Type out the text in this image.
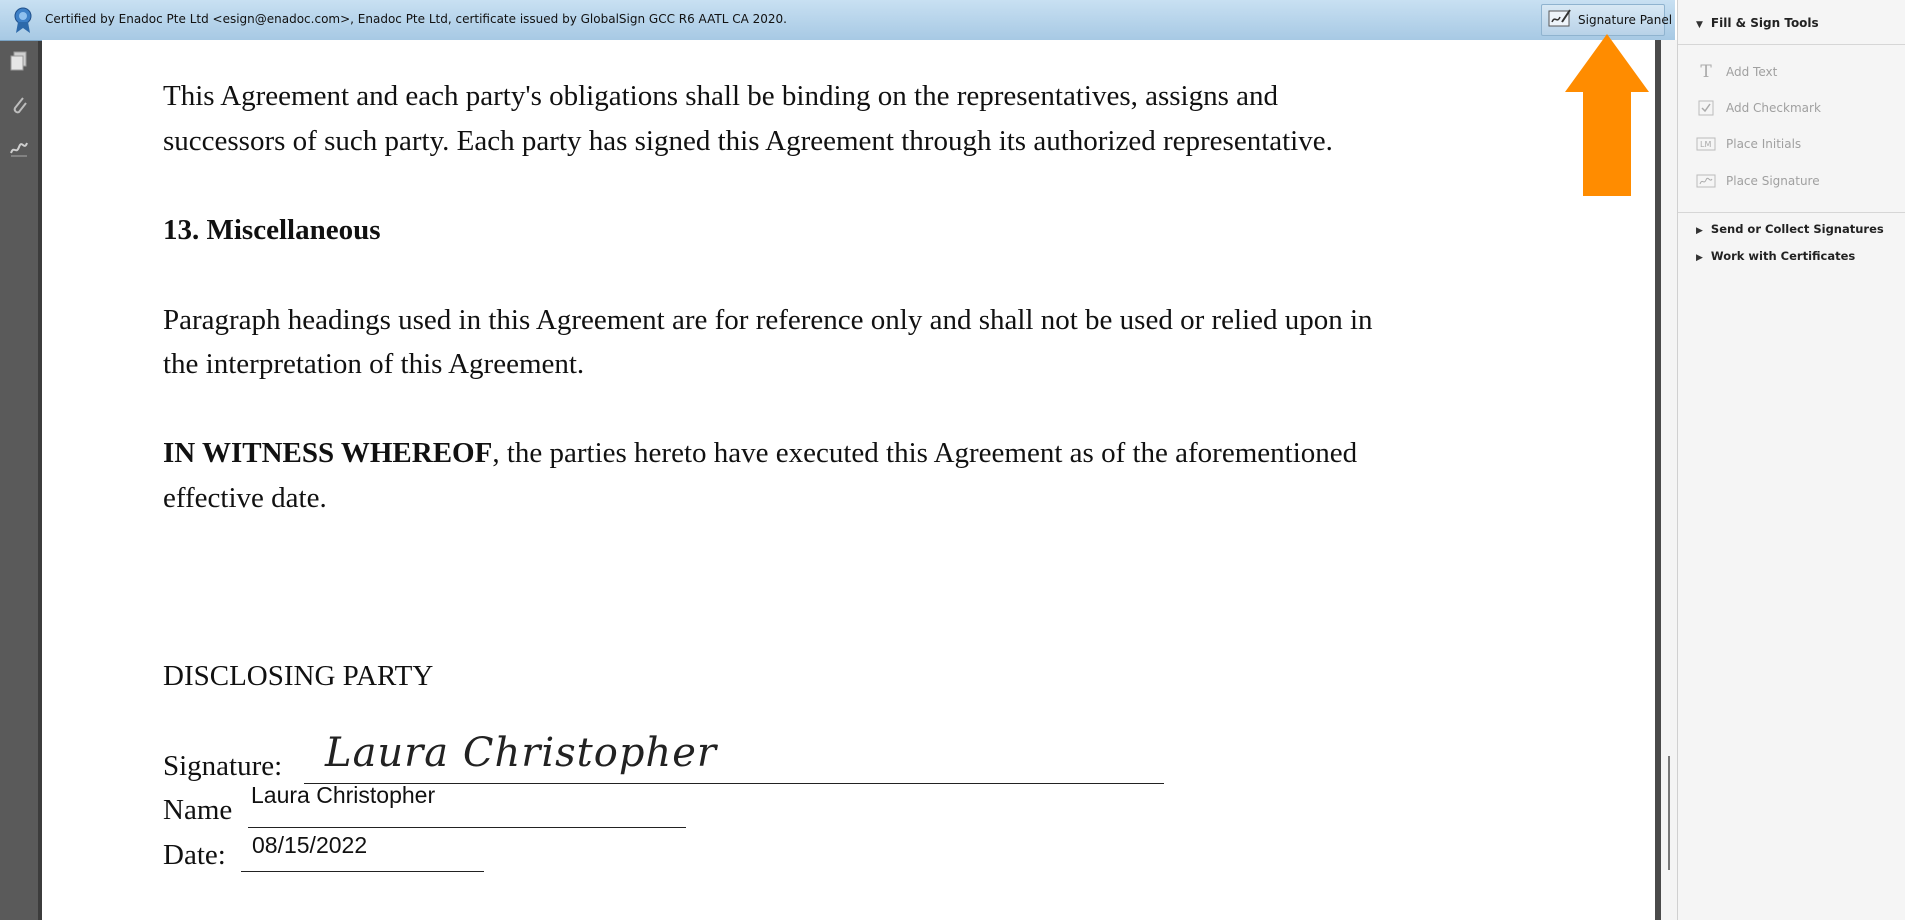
Certified by Enadoc Pte Ltd <esign@enadoc.com>, Enadoc Pte Ltd, certificate issued by GlobalSign GCC R6 AATL CA 2020.	Signature Panel
This Agreement and each party's obligations shall be binding on the representatives, assigns and
successors of such party. Each party has signed this Agreement through its authorized representative.
13. Miscellaneous
Paragraph headings used in this Agreement are for reference only and shall not be used or relied upon in
the interpretation of this Agreement.
IN WITNESS WHEREOF, the parties hereto have executed this Agreement as of the aforementioned
effective date.
DISCLOSING PARTY
Signature: Laura Christopher
Name Laura Christopher
Date: 08/15/2022
▼ Fill & Sign Tools
T Add Text
Add Checkmark
LM Place Initials
Place Signature
▶ Send or Collect Signatures
▶ Work with Certificates
